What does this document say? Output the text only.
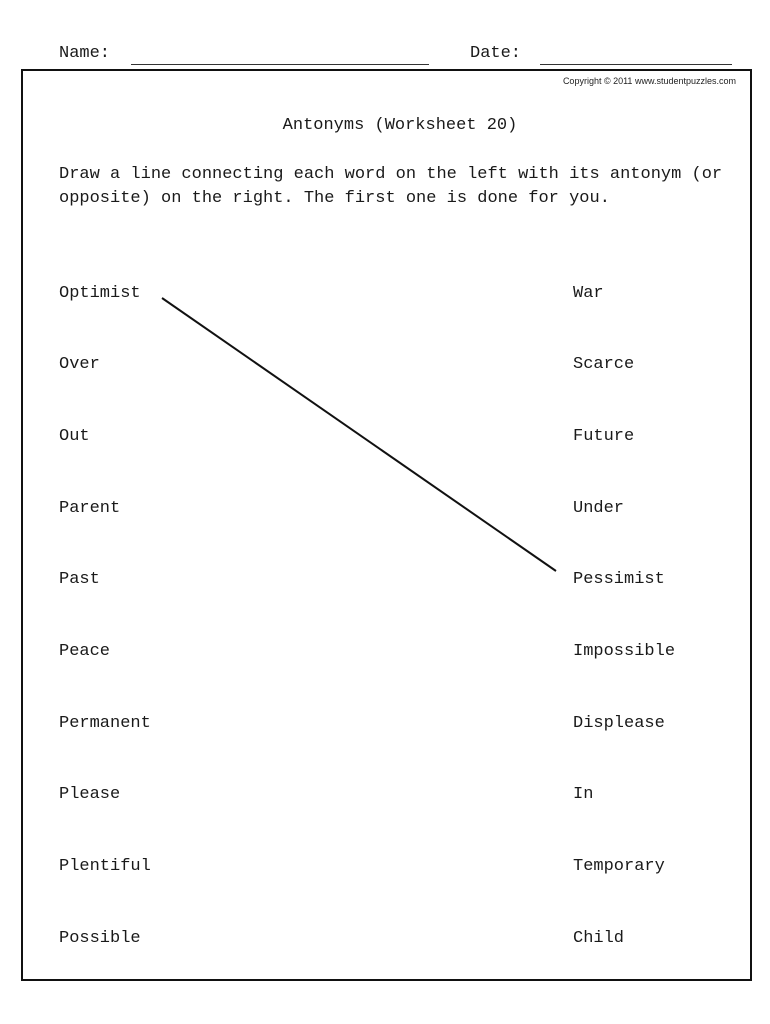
Name:	Date:
Copyright © 2011 www.studentpuzzles.com
Antonyms (Worksheet 20)

Draw a line connecting each word on the left with its antonym (or opposite) on the right. The first one is done for you.

Optimist
Over
Out
Parent
Past
Peace
Permanent
Please
Plentiful
Possible
War
Scarce
Future
Under
Pessimist
Impossible
Displease
In
Temporary
Child
